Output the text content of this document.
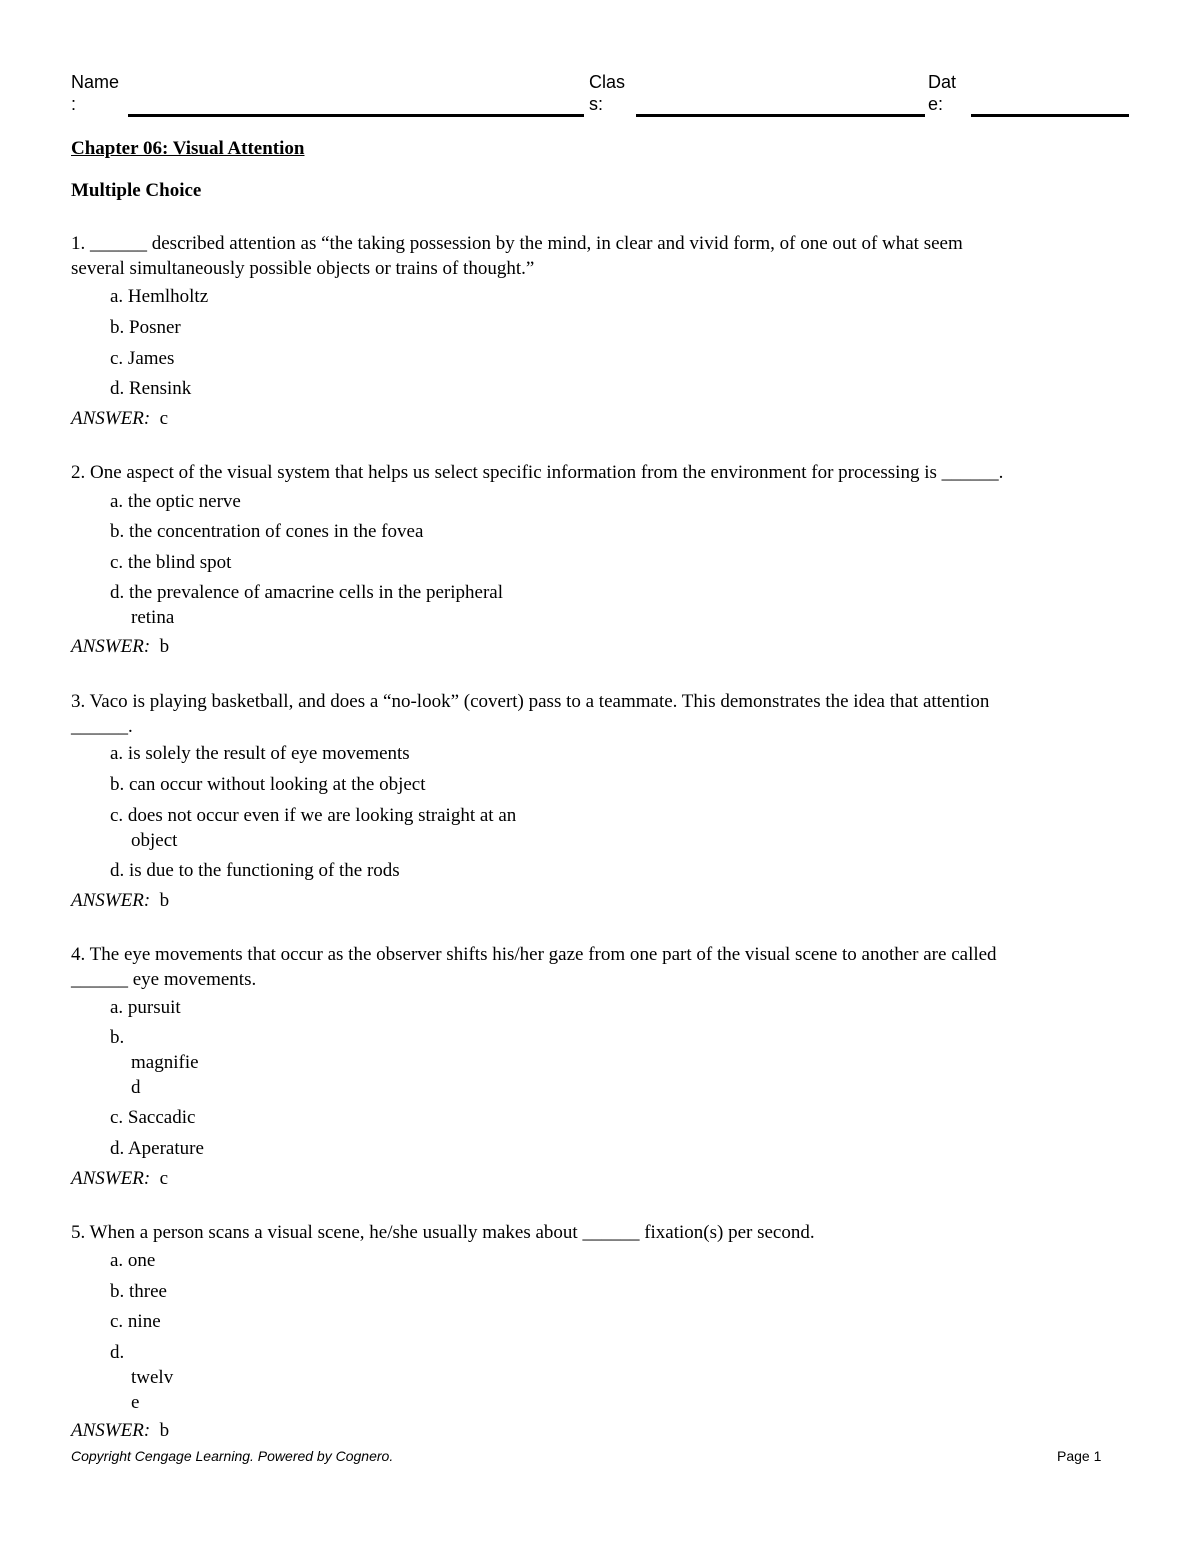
Name
:
Clas
s:
Dat
e:
Chapter 06: Visual Attention
Multiple Choice
1. ______ described attention as “the taking possession by the mind, in clear and vivid form, of one out of what seem
several simultaneously possible objects or trains of thought.”
a. Hemlholtz
b. Posner
c. James
d. Rensink
ANSWER: c
2. One aspect of the visual system that helps us select specific information from the environment for processing is ______.
a. the optic nerve
b. the concentration of cones in the fovea
c. the blind spot
d. the prevalence of amacrine cells in the peripheral
retina
ANSWER: b
3. Vaco is playing basketball, and does a “no-look” (covert) pass to a teammate. This demonstrates the idea that attention
______.
a. is solely the result of eye movements
b. can occur without looking at the object
c. does not occur even if we are looking straight at an
object
d. is due to the functioning of the rods
ANSWER: b
4. The eye movements that occur as the observer shifts his/her gaze from one part of the visual scene to another are called
______ eye movements.
a. pursuit
b.
magnifie
d
c. Saccadic
d. Aperature
ANSWER: c
5. When a person scans a visual scene, he/she usually makes about ______ fixation(s) per second.
a. one
b. three
c. nine
d.
twelv
e
ANSWER: b
Copyright Cengage Learning. Powered by Cognero.	Page 1
